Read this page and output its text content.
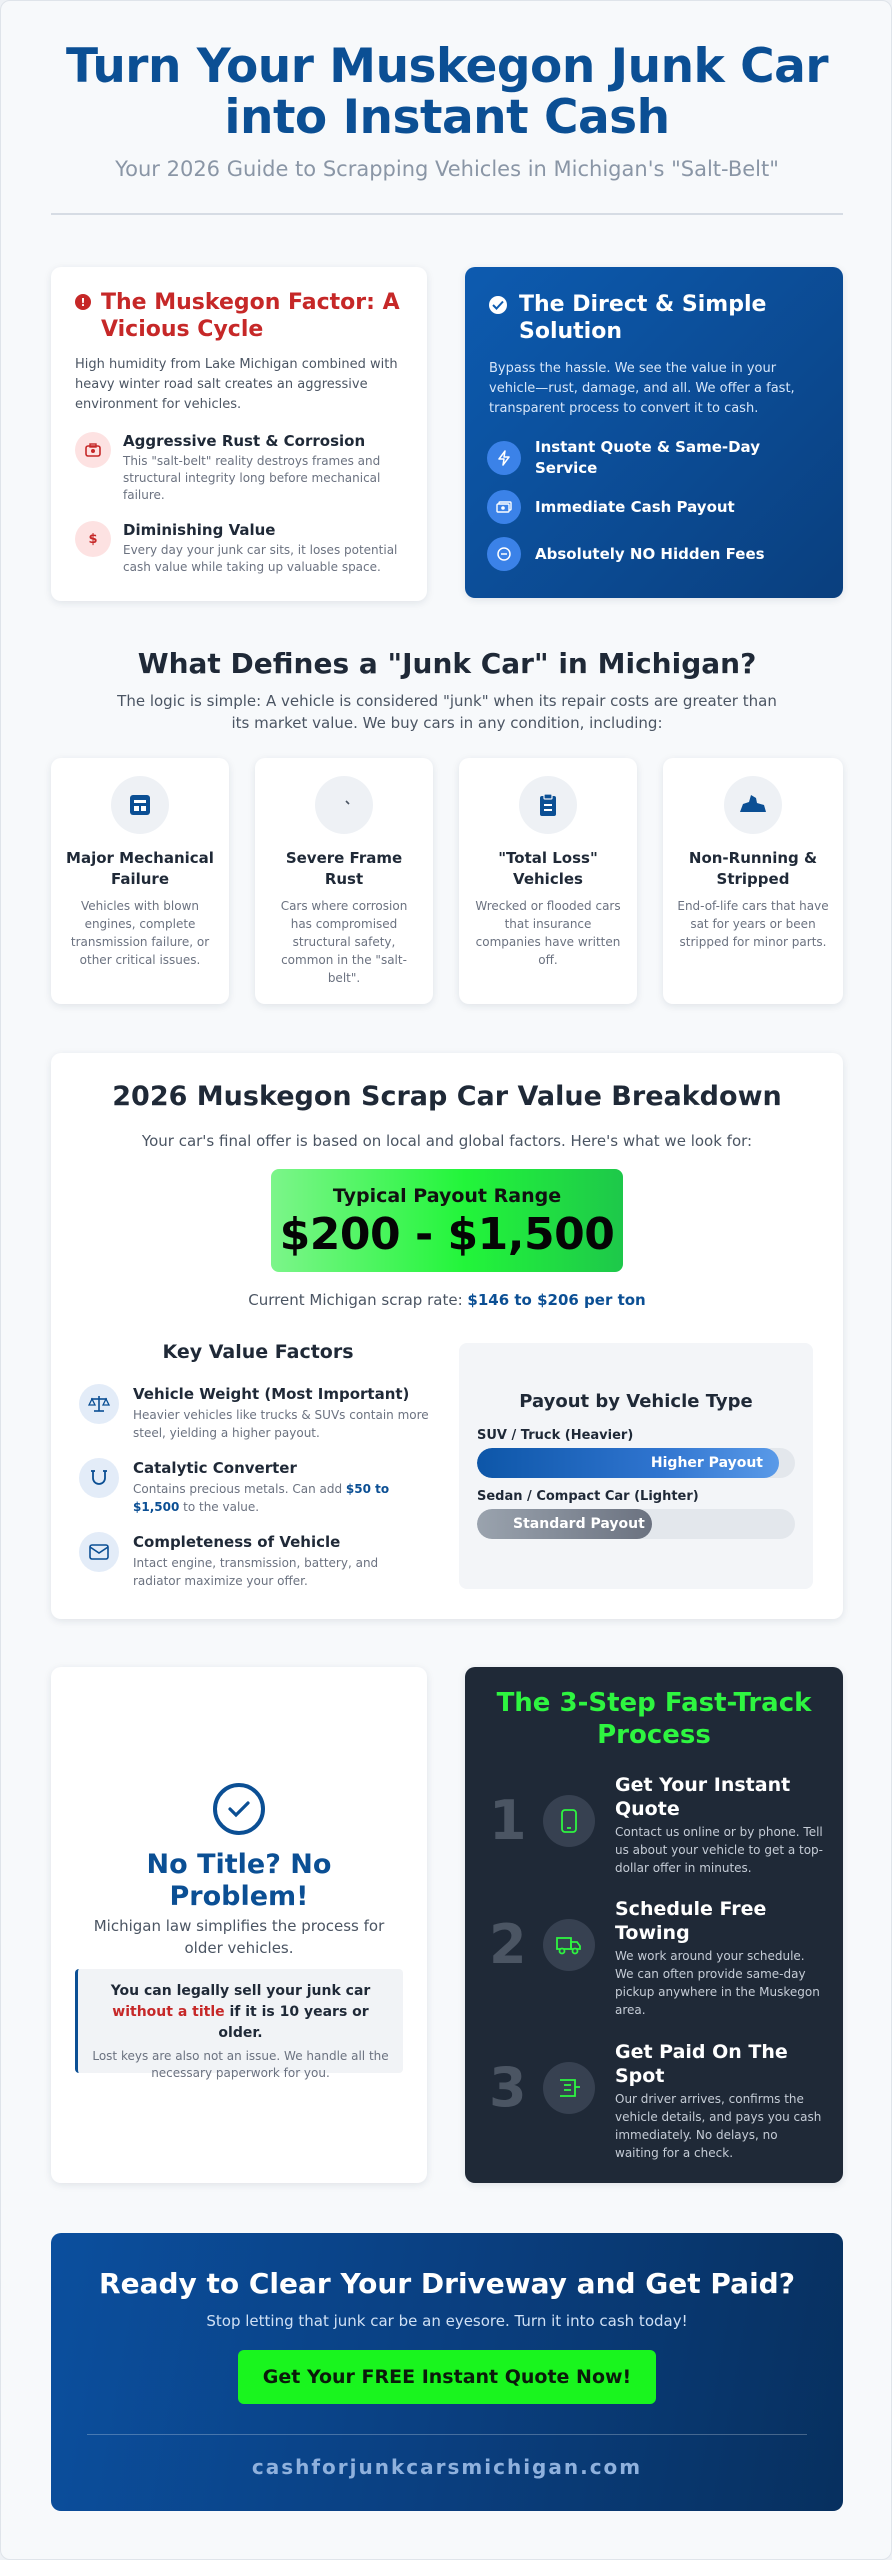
Turn Your Muskegon Junk Car
into Instant Cash
Your 2026 Guide to Scrapping Vehicles in Michigan's "Salt-Belt"
! The Muskegon Factor: A Vicious Cycle
High humidity from Lake Michigan combined with heavy winter road salt creates an aggressive environment for vehicles.
Aggressive Rust & Corrosion
This "salt-belt" reality destroys frames and structural integrity long before mechanical failure.
$	Diminishing Value
Every day your junk car sits, it loses potential cash value while taking up valuable space.
The Direct & Simple Solution
Bypass the hassle. We see the value in your vehicle—rust, damage, and all. We offer a fast, transparent process to convert it to cash.
Instant Quote & Same-Day Service
Immediate Cash Payout
Absolutely NO Hidden Fees
What Defines a "Junk Car" in Michigan?
The logic is simple: A vehicle is considered "junk" when its repair costs are greater than its market value. We buy cars in any condition, including:
Major Mechanical Failure
Vehicles with blown engines, complete transmission failure, or other critical issues.
Severe Frame Rust
Cars where corrosion has compromised structural safety, common in the "salt-belt".
"Total Loss" Vehicles
Wrecked or flooded cars that insurance companies have written off.
Non-Running & Stripped
End-of-life cars that have sat for years or been stripped for minor parts.
2026 Muskegon Scrap Car Value Breakdown
Your car's final offer is based on local and global factors. Here's what we look for:
Typical Payout Range
$200 - $1,500
Current Michigan scrap rate: $146 to $206 per ton
Key Value Factors
Vehicle Weight (Most Important)
Heavier vehicles like trucks & SUVs contain more steel, yielding a higher payout.
Catalytic Converter
Contains precious metals. Can add $50 to $1,500 to the value.
Completeness of Vehicle
Intact engine, transmission, battery, and radiator maximize your offer.
Payout by Vehicle Type
SUV / Truck (Heavier)
Higher Payout
Sedan / Compact Car (Lighter)
Standard Payout
No Title? No Problem!
Michigan law simplifies the process for older vehicles.
You can legally sell your junk car without a title if it is 10 years or older.
Lost keys are also not an issue. We handle all the necessary paperwork for you.
The 3-Step Fast-Track Process
1
Get Your Instant Quote
Contact us online or by phone. Tell us about your vehicle to get a top-dollar offer in minutes.
2
Schedule Free Towing
We work around your schedule. We can often provide same-day pickup anywhere in the Muskegon area.
3
Get Paid On The Spot
Our driver arrives, confirms the vehicle details, and pays you cash immediately. No delays, no waiting for a check.
Ready to Clear Your Driveway and Get Paid?
Stop letting that junk car be an eyesore. Turn it into cash today!
Get Your FREE Instant Quote Now!
cashforjunkcarsmichigan.com
